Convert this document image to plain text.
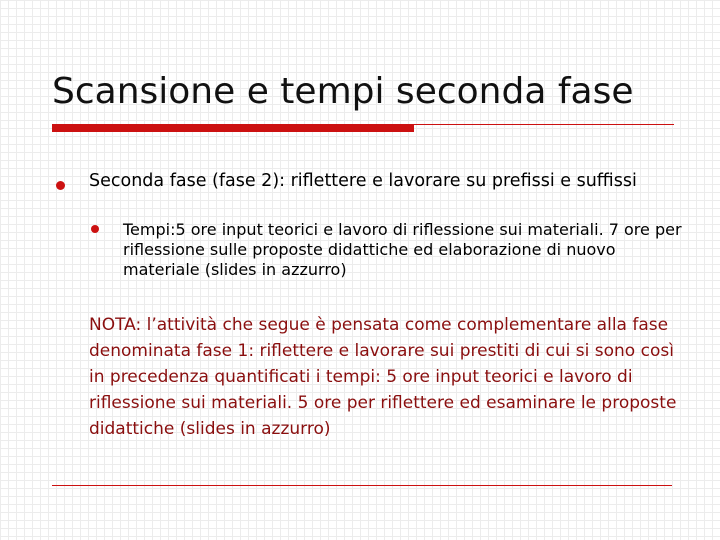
Scansione e tempi seconda fase
Seconda fase (fase 2): riflettere e lavorare su prefissi e suffissi
Tempi:5 ore input teorici e lavoro di riflessione sui materiali. 7 ore per riflessione sulle proposte didattiche ed elaborazione di nuovo materiale (slides in azzurro)
NOTA: l’attività che segue è pensata come complementare alla fase denominata fase 1: riflettere e lavorare sui prestiti di cui si sono così in precedenza quantificati i tempi: 5 ore input teorici e lavoro di riflessione sui materiali. 5 ore per riflettere ed esaminare le proposte didattiche (slides in azzurro)
